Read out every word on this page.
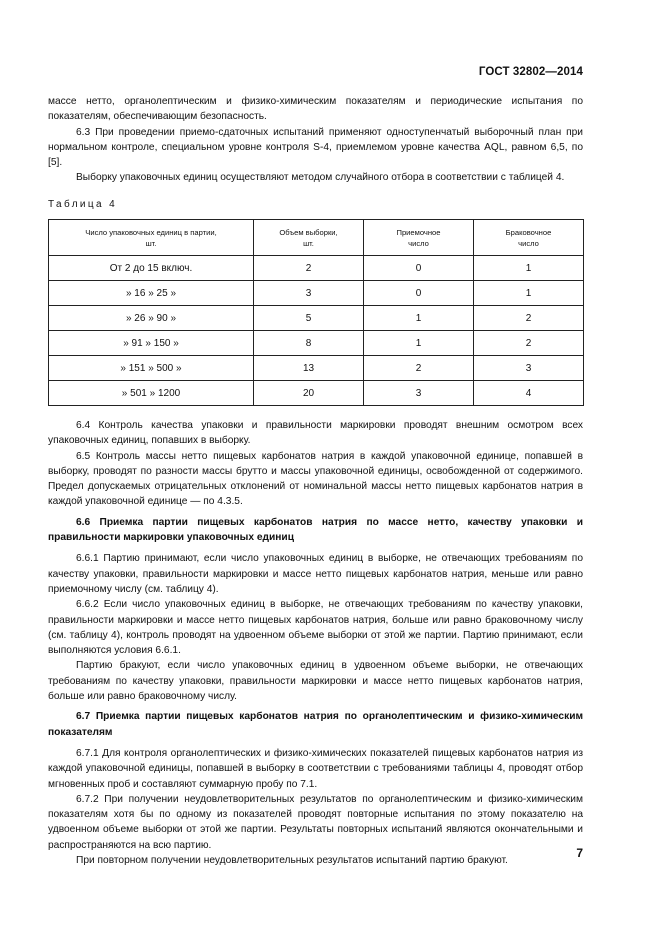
ГОСТ 32802—2014

массе нетто, органолептическим и физико-химическим показателям и периодические испытания по показателям, обеспечивающим безопасность.

6.3 При проведении приемо-сдаточных испытаний применяют одноступенчатый выборочный план при нормальном контроле, специальном уровне контроля S-4, приемлемом уровне качества AQL, равном 6,5, по [5].

Выборку упаковочных единиц осуществляют методом случайного отбора в соответствии с таблицей 4.

Таблица 4
Число упаковочных единиц в партии, шт.	Объем выборки, шт.	Приемочное число	Браковочное число
От 2 до 15 включ.	2	0	1
» 16 » 25 »	3	0	1
» 26 » 90 »	5	1	2
» 91 » 150 »	8	1	2
» 151 » 500 »	13	2	3
» 501 » 1200	20	3	4

6.4 Контроль качества упаковки и правильности маркировки проводят внешним осмотром всех упаковочных единиц, попавших в выборку.

6.5 Контроль массы нетто пищевых карбонатов натрия в каждой упаковочной единице, попавшей в выборку, проводят по разности массы брутто и массы упаковочной единицы, освобожденной от содержимого. Предел допускаемых отрицательных отклонений от номинальной массы нетто пищевых карбонатов натрия в каждой упаковочной единице — по 4.3.5.

6.6 Приемка партии пищевых карбонатов натрия по массе нетто, качеству упаковки и правильности маркировки упаковочных единиц

6.6.1 Партию принимают, если число упаковочных единиц в выборке, не отвечающих требованиям по качеству упаковки, правильности маркировки и массе нетто пищевых карбонатов натрия, меньше или равно приемочному числу (см. таблицу 4).

6.6.2 Если число упаковочных единиц в выборке, не отвечающих требованиям по качеству упаковки, правильности маркировки и массе нетто пищевых карбонатов натрия, больше или равно браковочному числу (см. таблицу 4), контроль проводят на удвоенном объеме выборки от этой же партии. Партию принимают, если выполняются условия 6.6.1.

Партию бракуют, если число упаковочных единиц в удвоенном объеме выборки, не отвечающих требованиям по качеству упаковки, правильности маркировки и массе нетто пищевых карбонатов натрия, больше или равно браковочному числу.

6.7 Приемка партии пищевых карбонатов натрия по органолептическим и физико-химическим показателям

6.7.1 Для контроля органолептических и физико-химических показателей пищевых карбонатов натрия из каждой упаковочной единицы, попавшей в выборку в соответствии с требованиями таблицы 4, проводят отбор мгновенных проб и составляют суммарную пробу по 7.1.

6.7.2 При получении неудовлетворительных результатов по органолептическим и физико-химическим показателям хотя бы по одному из показателей проводят повторные испытания по этому показателю на удвоенном объеме выборки от этой же партии. Результаты повторных испытаний являются окончательными и распространяются на всю партию.

При повторном получении неудовлетворительных результатов испытаний партию бракуют.

7
